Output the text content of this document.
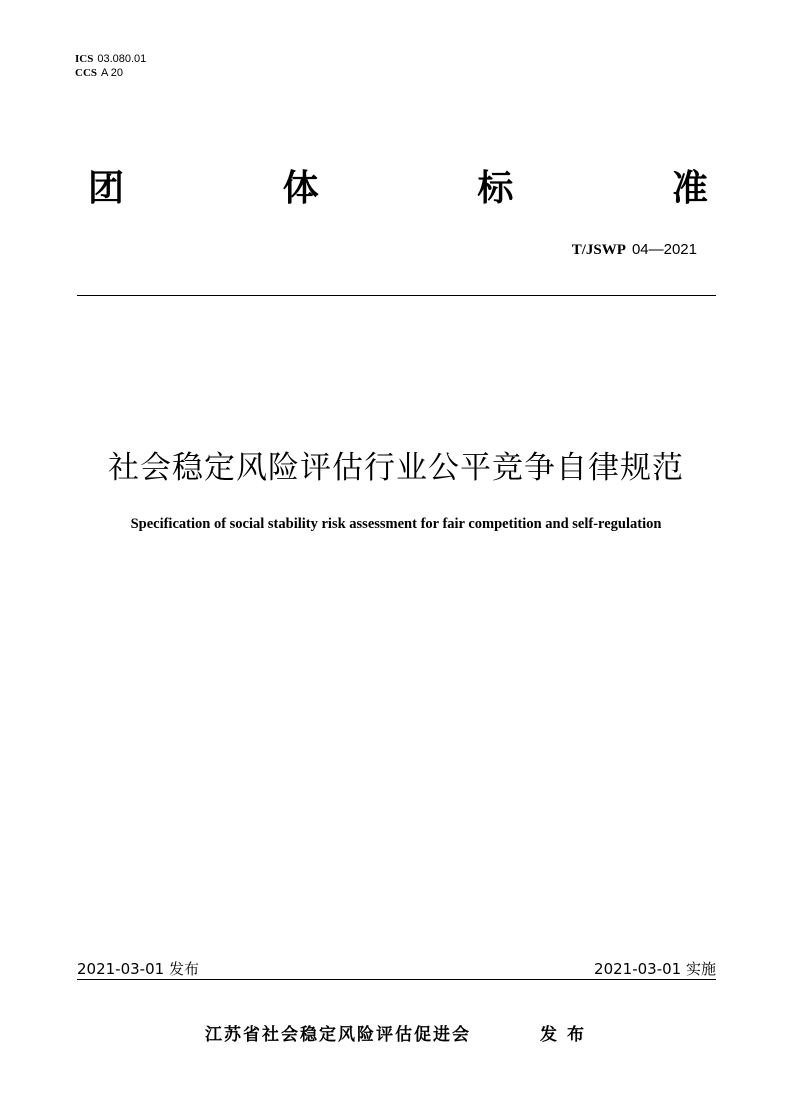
ICS 03.080.01
CCS A 20
团	体	标	准
T/JSWP 04—2021
社会稳定风险评估行业公平竞争自律规范
Specification of social stability risk assessment for fair competition and self-regulation
2021-03-01 发布	2021-03-01 实施
江苏省社会稳定风险评估促进会	发布
